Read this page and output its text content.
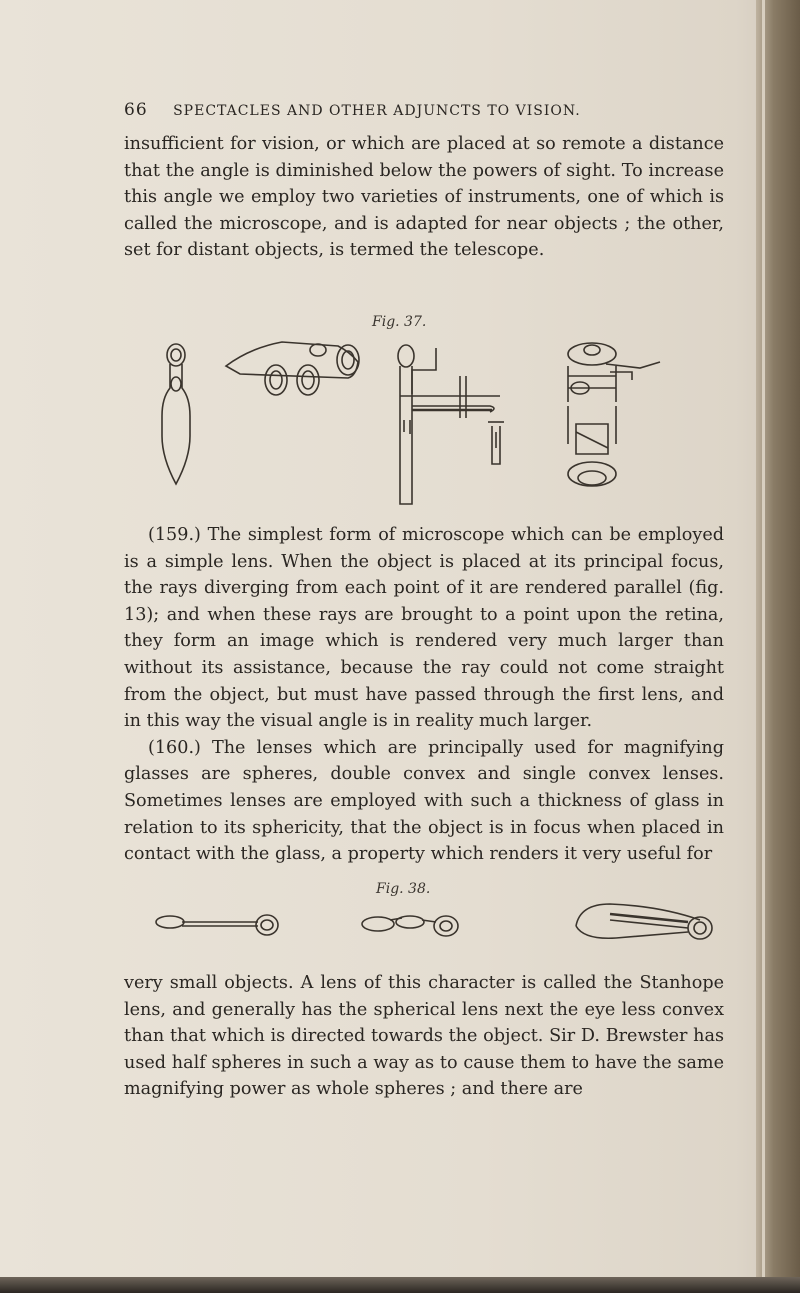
66 SPECTACLES AND OTHER ADJUNCTS TO VISION.

insufficient for vision, or which are placed at so remote a distance that the angle is diminished below the powers of sight. To increase this angle we employ two varieties of instruments, one of which is called the microscope, and is adapted for near objects ; the other, set for distant objects, is termed the telescope.

Fig. 37.

(159.) The simplest form of microscope which can be employed is a simple lens. When the object is placed at its principal focus, the rays diverging from each point of it are rendered parallel (fig. 13); and when these rays are brought to a point upon the retina, they form an image which is rendered very much larger than without its assistance, because the ray could not come straight from the object, but must have passed through the first lens, and in this way the visual angle is in reality much larger.

(160.) The lenses which are principally used for magnifying glasses are spheres, double convex and single convex lenses. Sometimes lenses are employed with such a thickness of glass in relation to its sphericity, that the object is in focus when placed in contact with the glass, a property which renders it very useful for

Fig. 38.

very small objects. A lens of this character is called the Stanhope lens, and generally has the spherical lens next the eye less convex than that which is directed towards the object. Sir D. Brewster has used half spheres in such a way as to cause them to have the same magnifying power as whole spheres ; and there are
